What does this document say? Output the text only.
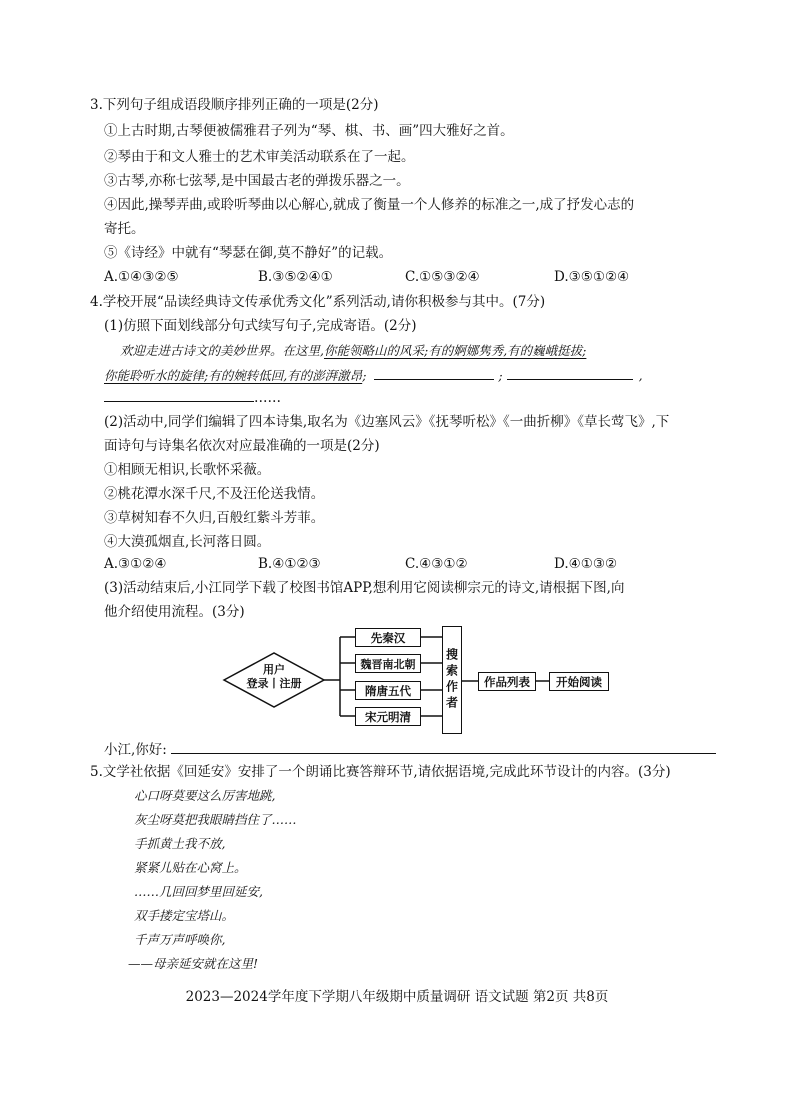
3.下列句子组成语段顺序排列正确的一项是(2分)
①上古时期,古琴便被儒雅君子列为“琴、棋、书、画”四大雅好之首。
②琴由于和文人雅士的艺术审美活动联系在了一起。
③古琴,亦称七弦琴,是中国最古老的弹拨乐器之一。
④因此,操琴弄曲,或聆听琴曲以心解心,就成了衡量一个人修养的标准之一,成了抒发心志的
寄托。
⑤《诗经》中就有“琴瑟在御,莫不静好”的记载。
A.①④③②⑤	B.③⑤②④①	C.①⑤③②④	D.③⑤①②④
4.学校开展“品读经典诗文传承优秀文化”系列活动,请你积极参与其中。(7分)
(1)仿照下面划线部分句式续写句子,完成寄语。(2分)
欢迎走进古诗文的美妙世界。在这里,你能领略山的风采;有的婀娜隽秀,有的巍峨挺拔;
你能聆听水的旋律;有的婉转低回,有的澎湃激昂;	;	,
……
(2)活动中,同学们编辑了四本诗集,取名为《边塞风云》《抚琴听松》《一曲折柳》《草长莺飞》,下
面诗句与诗集名依次对应最准确的一项是(2分)
①相顾无相识,长歌怀采薇。
②桃花潭水深千尺,不及汪伦送我情。
③草树知春不久归,百般红紫斗芳菲。
④大漠孤烟直,长河落日圆。
A.③①②④	B.④①②③	C.④③①②	D.④①③②
(3)活动结束后,小江同学下载了校图书馆APP,想利用它阅读柳宗元的诗文,请根据下图,向
他介绍使用流程。(3分)
用户
登录丨注册
先秦汉
魏晋南北朝
隋唐五代
宋元明清
搜索作者	作品列表	开始阅读
小江,你好:
5.文学社依据《回延安》安排了一个朗诵比赛答辩环节,请依据语境,完成此环节设计的内容。(3分)
心口呀莫要这么厉害地跳,
灰尘呀莫把我眼睛挡住了……
手抓黄土我不放,
紧紧儿贴在心窝上。
……几回回梦里回延安,
双手搂定宝塔山。
千声万声呼唤你,
——母亲延安就在这里!
2023—2024学年度下学期八年级期中质量调研 语文试题 第2页 共8页
